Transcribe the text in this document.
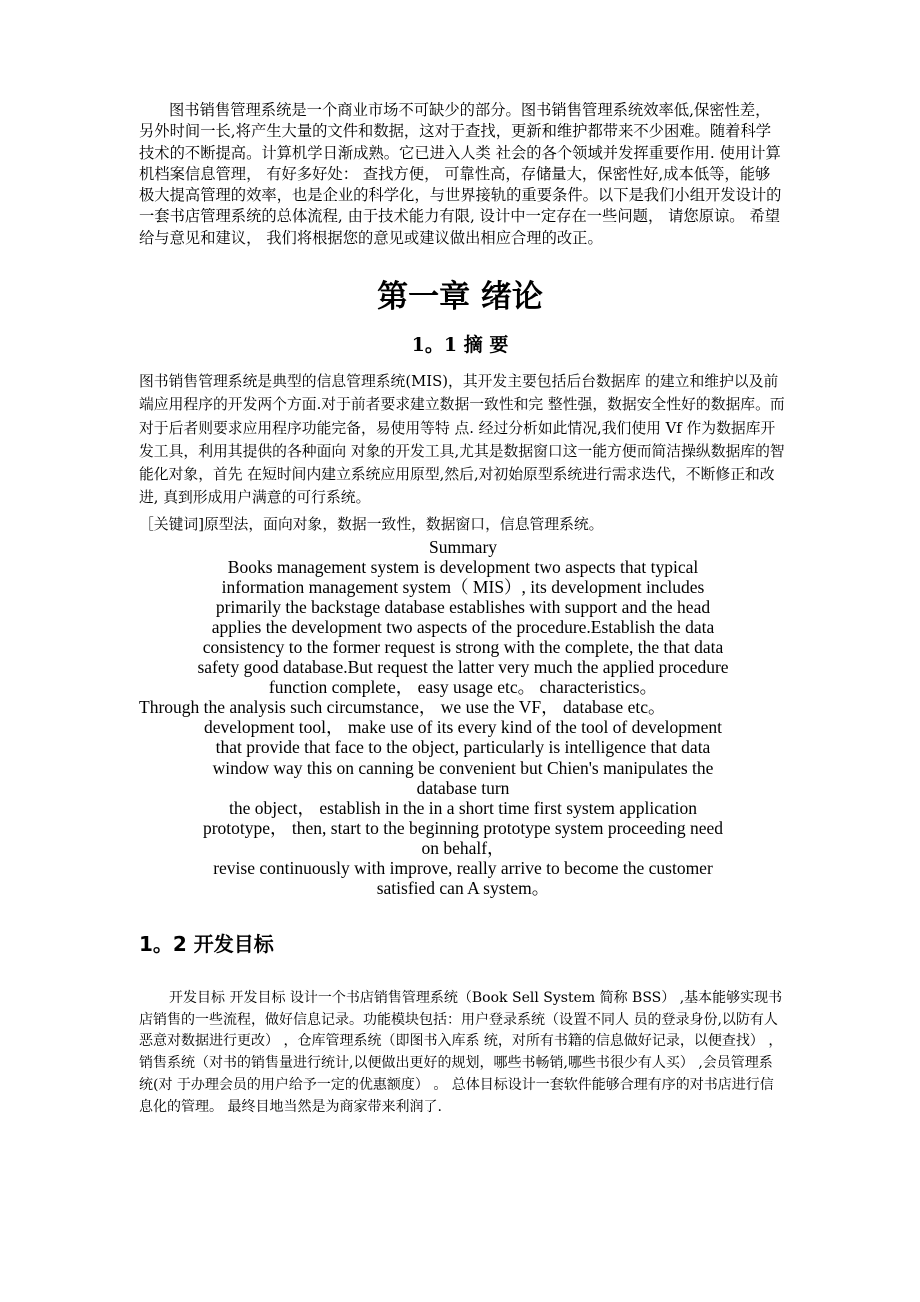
图书销售管理系统是一个商业市场不可缺少的部分。图书销售管理系统效率低,保密性差，另外时间一长,将产生大量的文件和数据，这对于查找，更新和维护都带来不少困难。随着科学技术的不断提高。计算机学日渐成熟。它已进入人类 社会的各个领域并发挥重要作用. 使用计算机档案信息管理， 有好多好处： 查找方便， 可靠性高，存储量大，保密性好,成本低等，能够极大提高管理的效率，也是企业的科学化，与世界接轨的重要条件。以下是我们小组开发设计的一套书店管理系统的总体流程, 由于技术能力有限, 设计中一定存在一些问题， 请您原谅。 希望给与意见和建议， 我们将根据您的意见或建议做出相应合理的改正。

第一章 绪论
1。1 摘 要

图书销售管理系统是典型的信息管理系统(MIS)，其开发主要包括后台数据库 的建立和维护以及前端应用程序的开发两个方面.对于前者要求建立数据一致性和完 整性强，数据安全性好的数据库。而对于后者则要求应用程序功能完备，易使用等特 点. 经过分析如此情况,我们使用 Vf 作为数据库开发工具，利用其提供的各种面向 对象的开发工具,尤其是数据窗口这一能方便而简洁操纵数据库的智能化对象，首先 在短时间内建立系统应用原型,然后,对初始原型系统进行需求迭代，不断修正和改进, 真到形成用户满意的可行系统。

［关键词]原型法，面向对象，数据一致性，数据窗口，信息管理系统。

Summary
Books management system is development two aspects that typical
information management system（ MIS）, its development includes
primarily the backstage database establishes with support and the head
applies the development two aspects of the procedure.Establish the data
consistency to the former request is strong with the complete, the that data
safety good database.But request the latter very much the applied procedure
function complete， easy usage etc。 characteristics。
Through the analysis such circumstance， we use the VF， database etc。
development tool， make use of its every kind of the tool of development
that provide that face to the object, particularly is intelligence that data
window way this on canning be convenient but Chien's manipulates the
database turn
the object， establish in the in a short time first system application
prototype， then, start to the beginning prototype system proceeding need
on behalf，
revise continuously with improve, really arrive to become the customer
satisfied can A system。
1。2 开发目标

开发目标 开发目标 设计一个书店销售管理系统（Book Sell System 简称 BSS） ,基本能够实现书 店销售的一些流程，做好信息记录。功能模块包括：用户登录系统（设置不同人 员的登录身份,以防有人恶意对数据进行更改） ，仓库管理系统（即图书入库系 统，对所有书籍的信息做好记录，以便查找） ，销售系统（对书的销售量进行统计,以便做出更好的规划，哪些书畅销,哪些书很少有人买） ,会员管理系统(对 于办理会员的用户给予一定的优惠额度） 。 总体目标设计一套软件能够合理有序的对书店进行信息化的管理。 最终目地当然是为商家带来利润了.
